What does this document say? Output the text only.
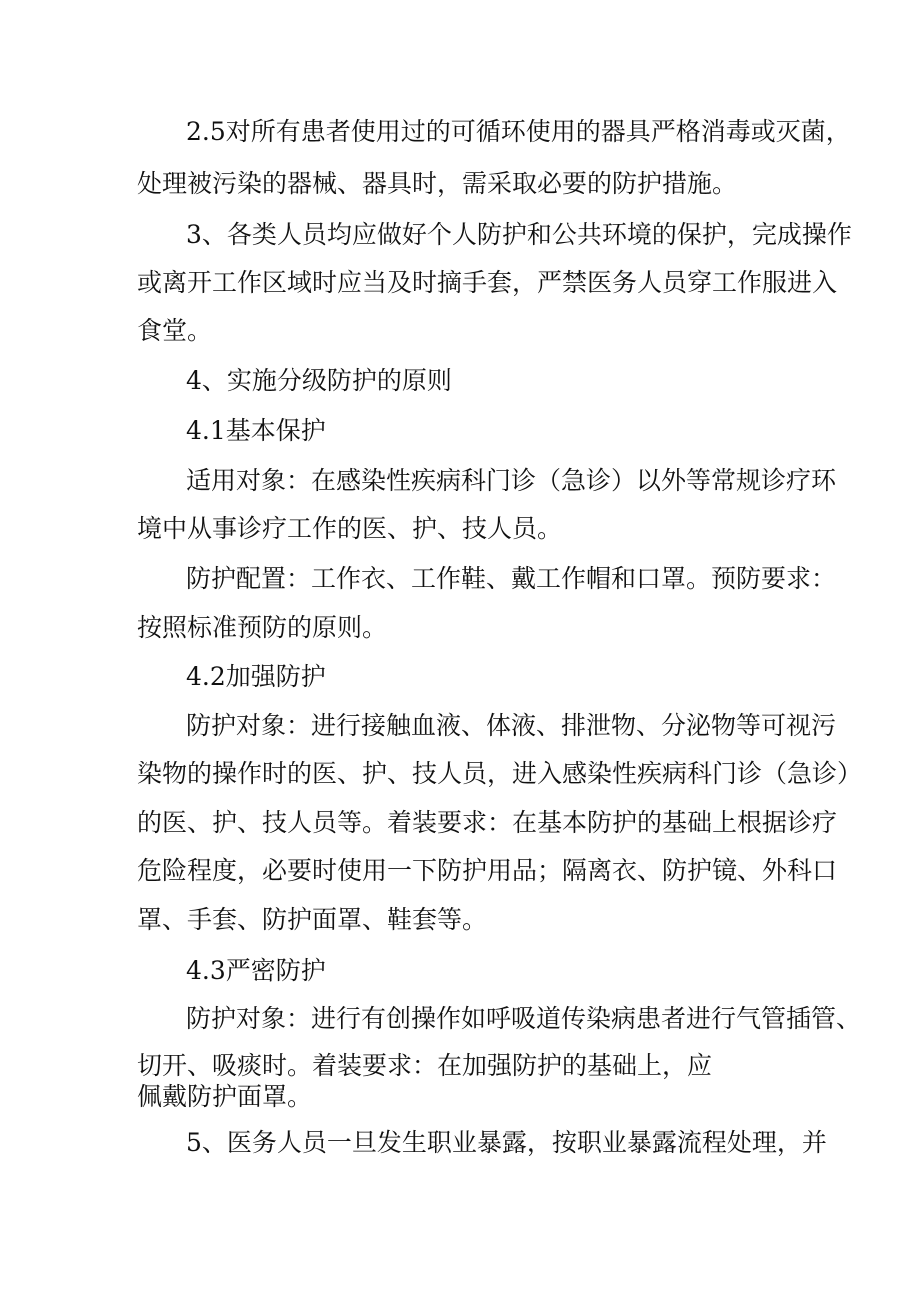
2.5对所有患者使用过的可循环使用的器具严格消毒或灭菌，
处理被污染的器械、器具时，需采取必要的防护措施。
3、各类人员均应做好个人防护和公共环境的保护，完成操作
或离开工作区域时应当及时摘手套，严禁医务人员穿工作服进入
食堂。
4、实施分级防护的原则
4.1基本保护
适用对象：在感染性疾病科门诊（急诊）以外等常规诊疗环
境中从事诊疗工作的医、护、技人员。
防护配置：工作衣、工作鞋、戴工作帽和口罩。预防要求：
按照标准预防的原则。
4.2加强防护
防护对象：进行接触血液、体液、排泄物、分泌物等可视污
染物的操作时的医、护、技人员，进入感染性疾病科门诊（急诊）
的医、护、技人员等。着装要求：在基本防护的基础上根据诊疗
危险程度，必要时使用一下防护用品；隔离衣、防护镜、外科口
罩、手套、防护面罩、鞋套等。
4.3严密防护
防护对象：进行有创操作如呼吸道传染病患者进行气管插管、
切开、吸痰时。着装要求：在加强防护的基础上，应
佩戴防护面罩。
5、医务人员一旦发生职业暴露，按职业暴露流程处理，并
